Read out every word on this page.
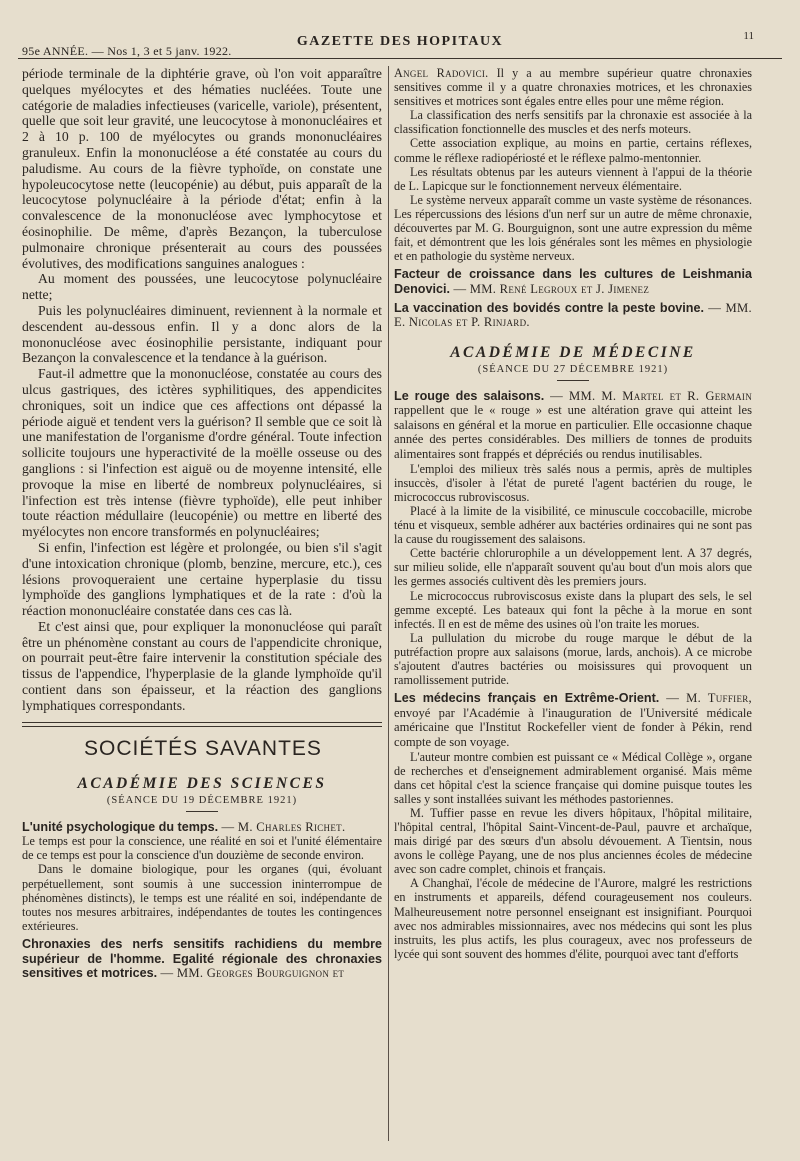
95e ANNÉE. — Nos 1, 3 et 5 janv. 1922.
GAZETTE DES HOPITAUX	11

période terminale de la diphtérie grave, où l'on voit apparaître quelques myélocytes et des hématies nucléées. Toute une catégorie de maladies infectieuses (varicelle, variole), présentent, quelle que soit leur gravité, une leucocytose à mononucléaires et 2 à 10 p. 100 de myélocytes ou grands mononucléaires granuleux. Enfin la mononucléose a été constatée au cours du paludisme. Au cours de la fièvre typhoïde, on constate une hypoleucocytose nette (leucopénie) au début, puis apparaît de la leucocytose polynucléaire à la période d'état; enfin à la convalescence de la mononucléose avec lymphocytose et éosinophilie. De même, d'après Bezançon, la tuberculose pulmonaire chronique présenterait au cours des poussées évolutives, des modifications sanguines analogues :

Au moment des poussées, une leucocytose polynucléaire nette;

Puis les polynucléaires diminuent, reviennent à la normale et descendent au-dessous enfin. Il y a donc alors de la mononucléose avec éosinophilie persistante, indiquant pour Bezançon la convalescence et la tendance à la guérison.

Faut-il admettre que la mononucléose, constatée au cours des ulcus gastriques, des ictères syphilitiques, des appendicites chroniques, soit un indice que ces affections ont dépassé la période aiguë et tendent vers la guérison? Il semble que ce soit là une manifestation de l'organisme d'ordre général. Toute infection sollicite toujours une hyperactivité de la moëlle osseuse ou des ganglions : si l'infection est aiguë ou de moyenne intensité, elle provoque la mise en liberté de nombreux polynucléaires, si l'infection est très intense (fièvre typhoïde), elle peut inhiber toute réaction médullaire (leucopénie) ou mettre en liberté des myélocytes non encore transformés en polynucléaires;

Si enfin, l'infection est légère et prolongée, ou bien s'il s'agit d'une intoxication chronique (plomb, benzine, mercure, etc.), ces lésions provoqueraient une certaine hyperplasie du tissu lymphoïde des ganglions lymphatiques et de la rate : d'où la réaction mononucléaire constatée dans ces cas là.

Et c'est ainsi que, pour expliquer la mononucléose qui paraît être un phénomène constant au cours de l'appendicite chronique, on pourrait peut-être faire intervenir la constitution spéciale des tissus de l'appendice, l'hyperplasie de la glande lymphoïde qu'il contient dans son épaisseur, et la réaction des ganglions lymphatiques correspondants.

SOCIÉTÉS SAVANTES
ACADÉMIE DES SCIENCES
(SÉANCE DU 19 DÉCEMBRE 1921)

L'unité psychologique du temps. — M. Charles Richet.

Le temps est pour la conscience, une réalité en soi et l'unité élémentaire de ce temps est pour la conscience d'un douzième de seconde environ.

Dans le domaine biologique, pour les organes (qui, évoluant perpétuellement, sont soumis à une succession ininterrompue de phénomènes distincts), le temps est une réalité en soi, indépendante de toutes nos mesures arbitraires, indépendantes de toutes les contingences extérieures.

Chronaxies des nerfs sensitifs rachidiens du membre supérieur de l'homme. Egalité régionale des chronaxies sensitives et motrices. — MM. Georges Bourguignon et

Angel Radovici. Il y a au membre supérieur quatre chronaxies sensitives comme il y a quatre chronaxies motrices, et les chronaxies sensitives et motrices sont égales entre elles pour une même région.

La classification des nerfs sensitifs par la chronaxie est associée à la classification fonctionnelle des muscles et des nerfs moteurs.

Cette association explique, au moins en partie, certains réflexes, comme le réflexe radiopériosté et le réflexe palmo-mentonnier.

Les résultats obtenus par les auteurs viennent à l'appui de la théorie de L. Lapicque sur le fonctionnement nerveux élémentaire.

Le système nerveux apparaît comme un vaste système de résonances. Les répercussions des lésions d'un nerf sur un autre de même chronaxie, découvertes par M. G. Bourguignon, sont une autre expression du même fait, et démontrent que les lois générales sont les mêmes en physiologie et en pathologie du système nerveux.

Facteur de croissance dans les cultures de Leishmania Denovici. — MM. René Legroux et J. Jimenez

La vaccination des bovidés contre la peste bovine. — MM. E. Nicolas et P. Rinjard.

ACADÉMIE DE MÉDECINE
(SÉANCE DU 27 DÉCEMBRE 1921)

Le rouge des salaisons. — MM. M. Martel et R. Germain rappellent que le « rouge » est une altération grave qui atteint les salaisons en général et la morue en particulier. Elle occasionne chaque année des pertes considérables. Des milliers de tonnes de produits alimentaires sont frappés et dépréciés ou rendus inutilisables.

L'emploi des milieux très salés nous a permis, après de multiples insuccès, d'isoler à l'état de pureté l'agent bactérien du rouge, le micrococcus rubroviscosus.

Placé à la limite de la visibilité, ce minuscule coccobacille, microbe ténu et visqueux, semble adhérer aux bactéries ordinaires qui ne sont pas la cause du rougissement des salaisons.

Cette bactérie chlorurophile a un développement lent. A 37 degrés, sur milieu solide, elle n'apparaît souvent qu'au bout d'un mois alors que les germes associés cultivent dès les premiers jours.

Le micrococcus rubroviscosus existe dans la plupart des sels, le sel gemme excepté. Les bateaux qui font la pêche à la morue en sont infectés. Il en est de même des usines où l'on traite les morues.

La pullulation du microbe du rouge marque le début de la putréfaction propre aux salaisons (morue, lards, anchois). A ce microbe s'ajoutent d'autres bactéries ou moisissures qui provoquent un ramollissement putride.

Les médecins français en Extrême-Orient. — M. Tuffier, envoyé par l'Académie à l'inauguration de l'Université médicale américaine que l'Institut Rockefeller vient de fonder à Pékin, rend compte de son voyage.

L'auteur montre combien est puissant ce « Médical Collège », organe de recherches et d'enseignement admirablement organisé. Mais même dans cet hôpital c'est la science française qui domine puisque toutes les salles y sont installées suivant les méthodes pastoriennes.

M. Tuffier passe en revue les divers hôpitaux, l'hôpital militaire, l'hôpital central, l'hôpital Saint-Vincent-de-Paul, pauvre et archaïque, mais dirigé par des sœurs d'un absolu dévouement. A Tientsin, nous avons le collège Payang, une de nos plus anciennes écoles de médecine avec son cadre complet, chinois et français.

A Changhaï, l'école de médecine de l'Aurore, malgré les restrictions en instruments et appareils, défend courageusement nos couleurs. Malheureusement notre personnel enseignant est insignifiant. Pourquoi avec nos admirables missionnaires, avec nos médecins qui sont les plus instruits, les plus actifs, les plus courageux, avec nos professeurs de lycée qui sont souvent des hommes d'élite, pourquoi avec tant d'efforts
